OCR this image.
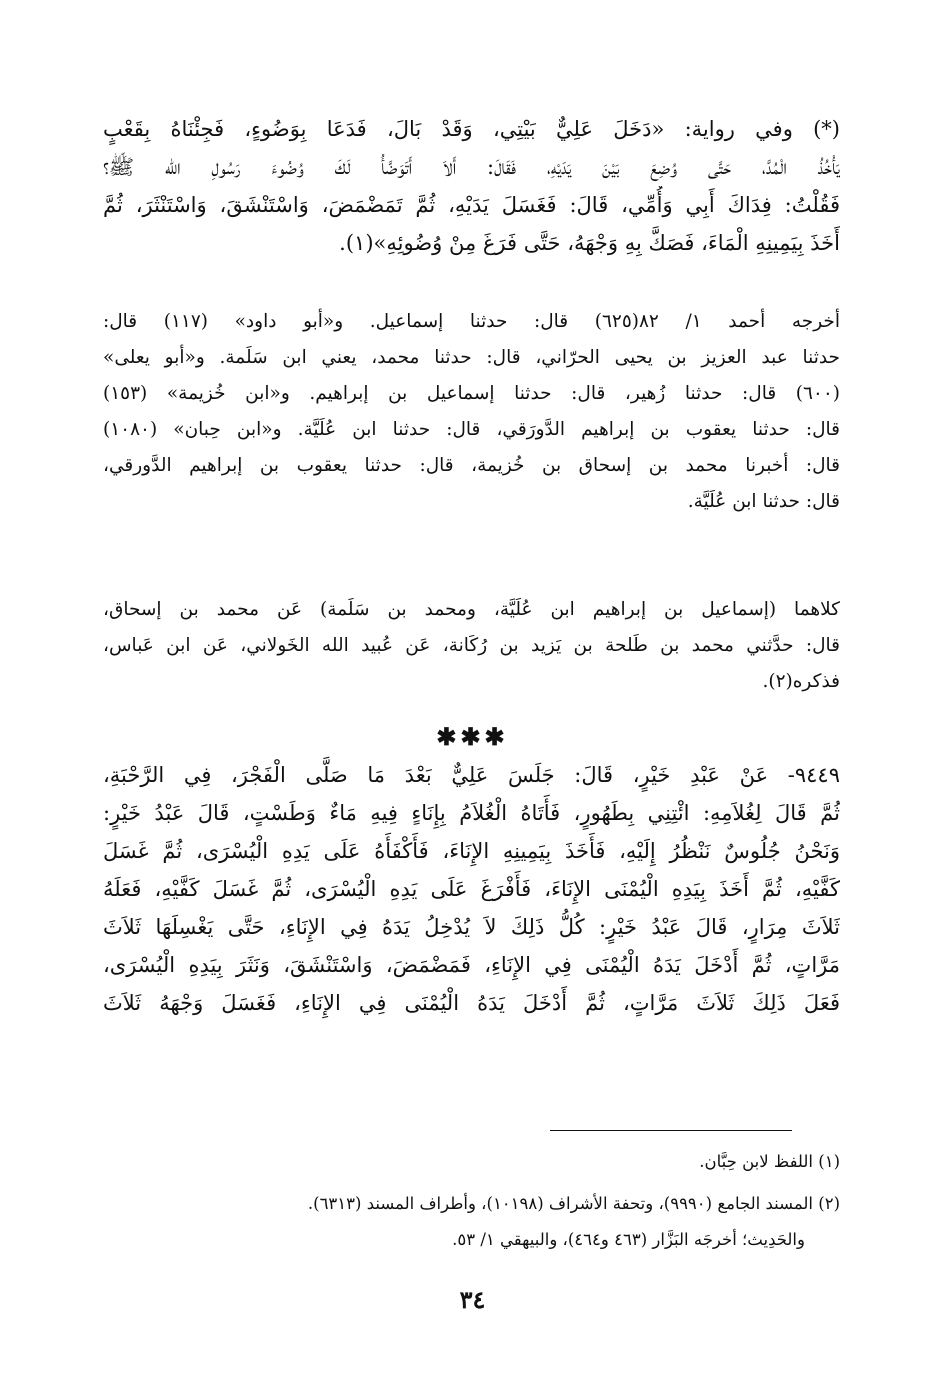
(*) وفي رواية: «دَخَلَ عَلِيٌّ بَيْتِي، وَقَدْ بَالَ، فَدَعَا بِوَضُوءٍ، فَجِئْنَاهُ بِقَعْبٍ
يَأْخُذُ الْمُدَّ، حَتَّى وُضِعَ بَيْنَ يَدَيْهِ، فَقَالَ: أَلاَ أَتَوَضَّأُ لَكَ وُضُوءَ رَسُولِ الله ﷺ؟
فَقُلْتُ: فِدَاكَ أَبِي وَأُمِّي، قَالَ: فَغَسَلَ يَدَيْهِ، ثُمَّ تَمَضْمَضَ، وَاسْتَنْشَقَ، وَاسْتَنْثَرَ، ثُمَّ
أَخَذَ بِيَمِينِهِ الْمَاءَ، فَصَكَّ بِهِ وَجْهَهُ، حَتَّى فَرَغَ مِنْ وُضُوئِهِ»(١).
أخرجه أحمد ١/ ٨٢(٦٢٥) قال: حدثنا إسماعيل. و«أبو داود» (١١٧) قال:
حدثنا عبد العزيز بن يحيى الحرّاني، قال: حدثنا محمد، يعني ابن سَلَمة. و«أبو يعلى»
(٦٠٠) قال: حدثنا زُهير، قال: حدثنا إسماعيل بن إبراهيم. و«ابن خُزيمة» (١٥٣)
قال: حدثنا يعقوب بن إبراهيم الدَّورَقي، قال: حدثنا ابن عُلَيَّة. و«ابن حِبان» (١٠٨٠)
قال: أخبرنا محمد بن إسحاق بن خُزيمة، قال: حدثنا يعقوب بن إبراهيم الدَّورقي،
قال: حدثنا ابن عُلَيَّة.
كلاهما (إسماعيل بن إبراهيم ابن عُلَيَّة، ومحمد بن سَلَمة) عَن محمد بن إسحاق،
قال: حدَّثني محمد بن طَلحة بن يَزيد بن رُكَانة، عَن عُبيد الله الخَولاني، عَن ابن عَباس،
فذكره(٢).
✱✱✱
٩٤٤٩- عَنْ عَبْدِ خَيْرٍ، قَالَ: جَلَسَ عَلِيٌّ بَعْدَ مَا صَلَّى الْفَجْرَ، فِي الرَّحْبَةِ،
ثُمَّ قَالَ لِغُلاَمِهِ: ائْتِنِي بِطَهُورٍ، فَأَتَاهُ الْغُلاَمُ بِإِنَاءٍ فِيهِ مَاءٌ وَطَسْتٍ، قَالَ عَبْدُ خَيْرٍ:
وَنَحْنُ جُلُوسٌ نَنْظُرُ إِلَيْهِ، فَأَخَذَ بِيَمِينِهِ الإِنَاءَ، فَأَكْفَأَهُ عَلَى يَدِهِ الْيُسْرَى، ثُمَّ غَسَلَ
كَفَّيْهِ، ثُمَّ أَخَذَ بِيَدِهِ الْيُمْنَى الإِنَاءَ، فَأَفْرَغَ عَلَى يَدِهِ الْيُسْرَى، ثُمَّ غَسَلَ كَفَّيْهِ، فَعَلَهُ
ثَلاَثَ مِرَارٍ، قَالَ عَبْدُ خَيْرٍ: كُلُّ ذَلِكَ لاَ يُدْخِلُ يَدَهُ فِي الإِنَاءِ، حَتَّى يَغْسِلَهَا ثَلاَثَ
مَرَّاتٍ، ثُمَّ أَدْخَلَ يَدَهُ الْيُمْنَى فِي الإِنَاءِ، فَمَضْمَضَ، وَاسْتَنْشَقَ، وَنَثَرَ بِيَدِهِ الْيُسْرَى،
فَعَلَ ذَلِكَ ثَلاَثَ مَرَّاتٍ، ثُمَّ أَدْخَلَ يَدَهُ الْيُمْنَى فِي الإِنَاءِ، فَغَسَلَ وَجْهَهُ ثَلاَثَ
(١) اللفظ لابن حِبَّان.
(٢) المسند الجامع (٩٩٩٠)، وتحفة الأشراف (١٠١٩٨)، وأطراف المسند (٦٣١٣).
والحَدِيث؛ أخرجَه البَزَّار (٤٦٣ و٤٦٤)، والبيهقي ١/ ٥٣.
٣٤
